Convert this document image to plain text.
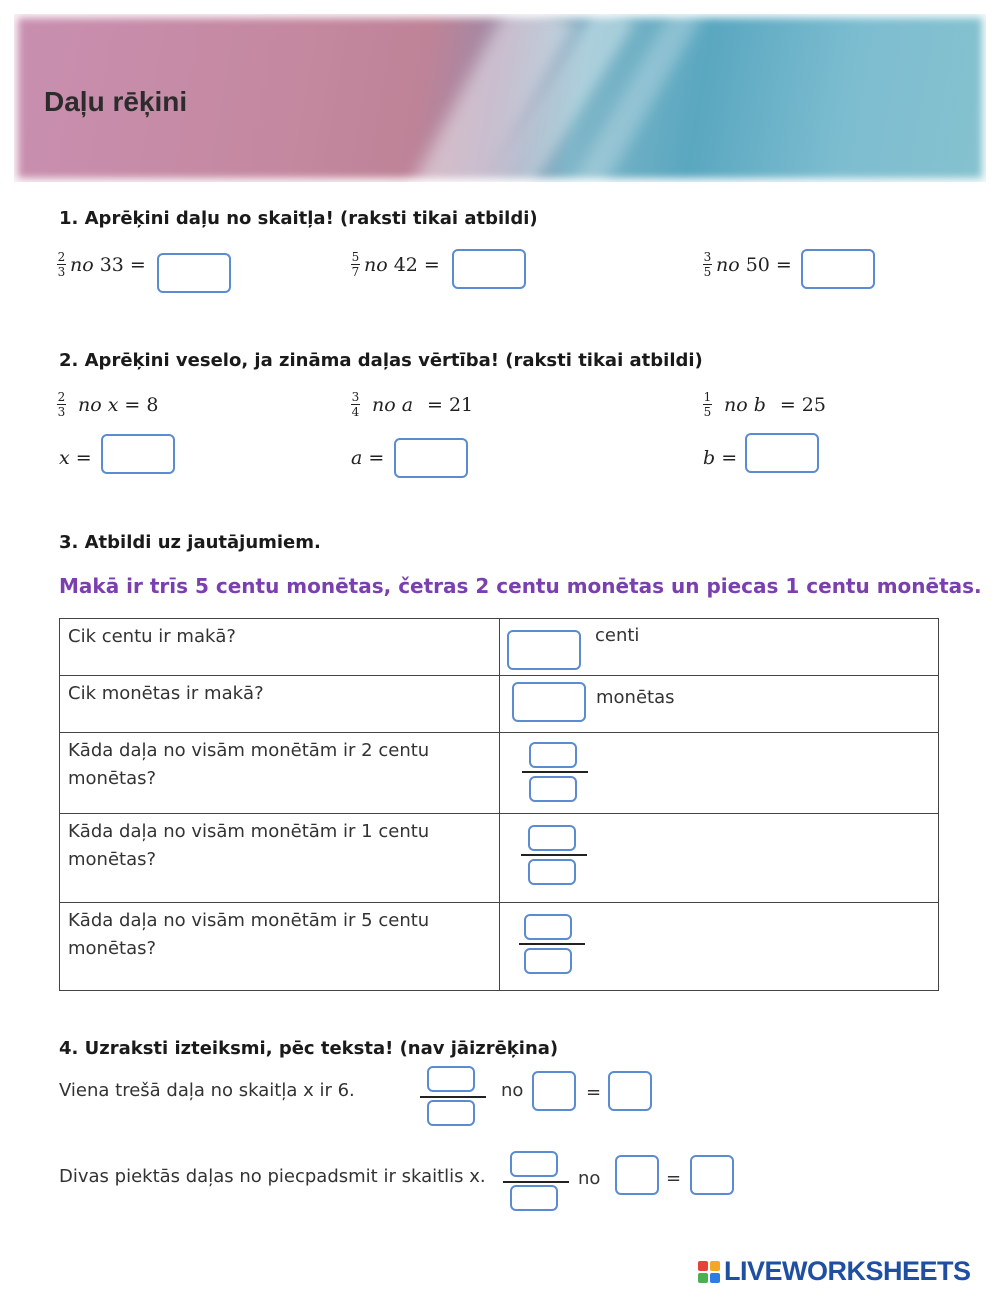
Daļu rēķini
1. Aprēķini daļu no skaitļa! (raksti tikai atbildi)
$\frac{2}{3}$ no 33 =	$\frac{5}{7}$ no 42 =	$\frac{3}{5}$ no 50 =
2. Aprēķini veselo, ja zināma daļas vērtība! (raksti tikai atbildi)
$\frac{2}{3}$ no x = 8
x =
$\frac{3}{4}$ no a = 21
a =
$\frac{1}{5}$ no b = 25
b =
3. Atbildi uz jautājumiem.
Makā ir trīs 5 centu monētas, četras 2 centu monētas un piecas 1 centu monētas.
Cik centu ir makā?	centi

Cik monētas ir makā?	monētas

Kāda daļa no visām monētām ir 2 centu monētas?	

Kāda daļa no visām monētām ir 1 centu monētas?	

Kāda daļa no visām monētām ir 5 centu monētas?	
4. Uzraksti izteiksmi, pēc teksta! (nav jāizrēķina)
Viena trešā daļa no skaitļa x ir 6.	no	=
Divas piektās daļas no piecpadsmit ir skaitlis x.	no	=
LIVEWORKSHEETS
